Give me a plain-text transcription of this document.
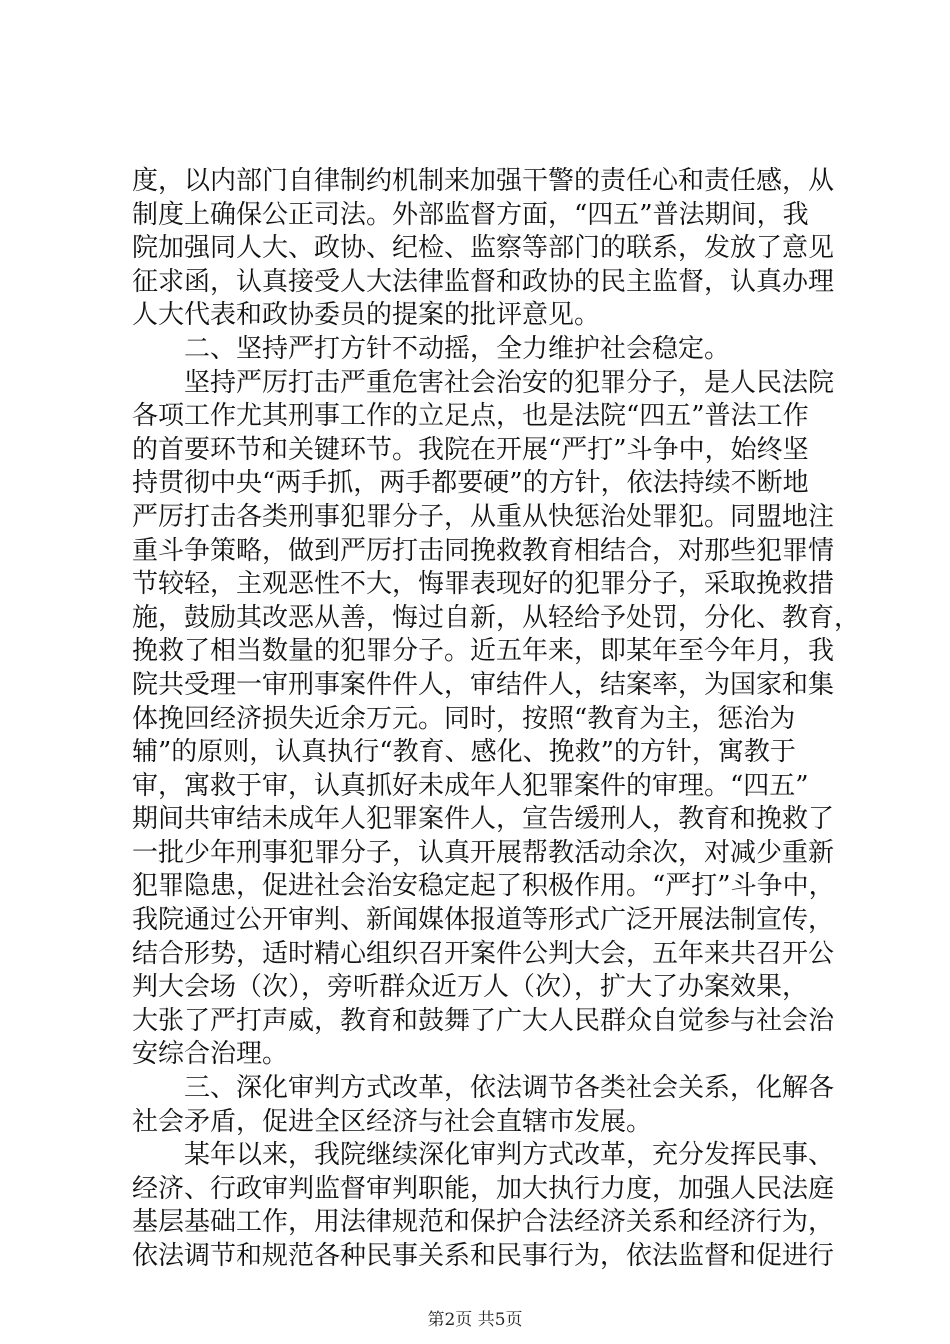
度，以内部门自律制约机制来加强干警的责任心和责任感，从
制度上确保公正司法。外部监督方面，“四五”普法期间，我
院加强同人大、政协、纪检、监察等部门的联系，发放了意见
征求函，认真接受人大法律监督和政协的民主监督，认真办理
人大代表和政协委员的提案的批评意见。
　　二、坚持严打方针不动摇，全力维护社会稳定。
　　坚持严厉打击严重危害社会治安的犯罪分子，是人民法院
各项工作尤其刑事工作的立足点，也是法院“四五”普法工作
的首要环节和关键环节。我院在开展“严打”斗争中，始终坚
持贯彻中央“两手抓，两手都要硬”的方针，依法持续不断地
严厉打击各类刑事犯罪分子，从重从快惩治处罪犯。同盟地注
重斗争策略，做到严厉打击同挽救教育相结合，对那些犯罪情
节较轻，主观恶性不大，悔罪表现好的犯罪分子，采取挽救措
施，鼓励其改恶从善，悔过自新，从轻给予处罚，分化、教育，
挽救了相当数量的犯罪分子。近五年来，即某年至今年月，我
院共受理一审刑事案件件人，审结件人，结案率，为国家和集
体挽回经济损失近余万元。同时，按照“教育为主，惩治为
辅”的原则，认真执行“教育、感化、挽救”的方针，寓教于
审，寓救于审，认真抓好未成年人犯罪案件的审理。“四五”
期间共审结未成年人犯罪案件人，宣告缓刑人，教育和挽救了
一批少年刑事犯罪分子，认真开展帮教活动余次，对减少重新
犯罪隐患，促进社会治安稳定起了积极作用。“严打”斗争中，
我院通过公开审判、新闻媒体报道等形式广泛开展法制宣传，
结合形势，适时精心组织召开案件公判大会，五年来共召开公
判大会场（次），旁听群众近万人（次），扩大了办案效果，
大张了严打声威，教育和鼓舞了广大人民群众自觉参与社会治
安综合治理。
　　三、深化审判方式改革，依法调节各类社会关系，化解各
社会矛盾，促进全区经济与社会直辖市发展。
　　某年以来，我院继续深化审判方式改革，充分发挥民事、
经济、行政审判监督审判职能，加大执行力度，加强人民法庭
基层基础工作，用法律规范和保护合法经济关系和经济行为，
依法调节和规范各种民事关系和民事行为，依法监督和促进行
第2页 共5页
